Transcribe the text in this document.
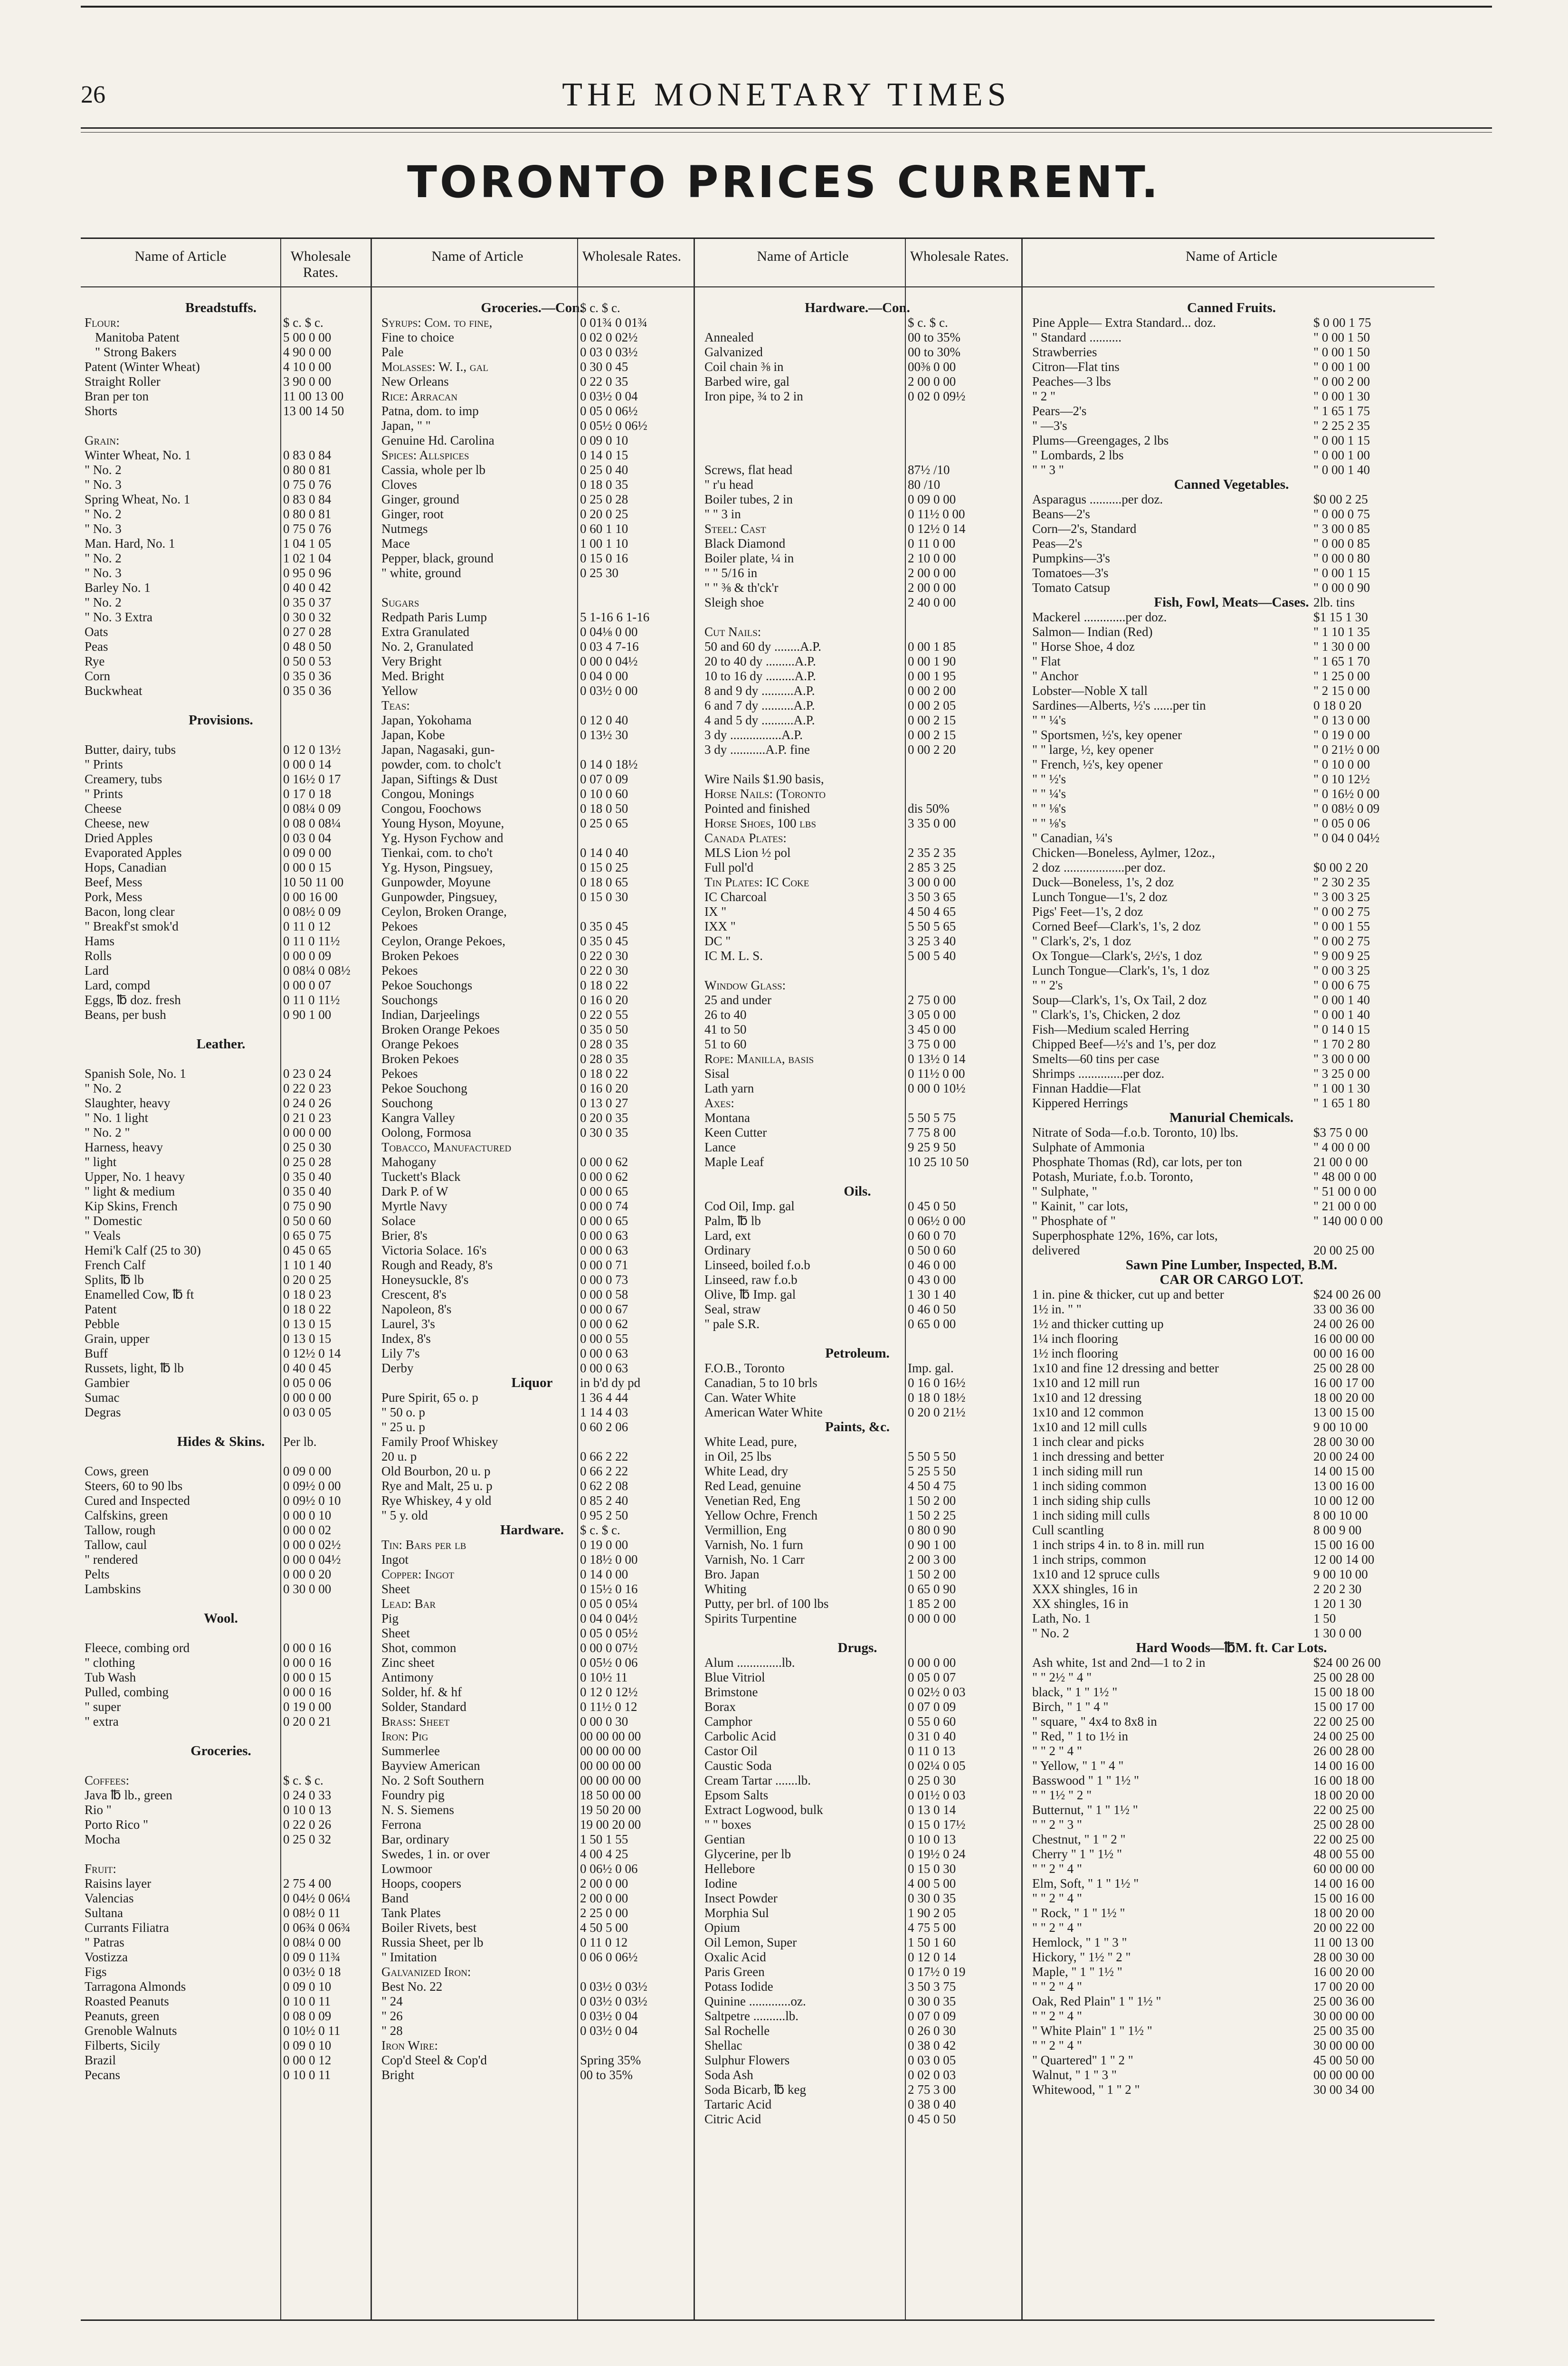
26	THE MONETARY TIMES
TORONTO PRICES CURRENT.
Name of Article	Wholesale Rates.
Breadstuffs.
Flour:	$ c. $ c.
Manitoba Patent	5 00 0 00
" Strong Bakers	4 90 0 00
Patent (Winter Wheat)	4 10 0 00
Straight Roller	3 90 0 00
Bran per ton	11 00 13 00
Shorts	13 00 14 50
Grain:
Winter Wheat, No. 1	0 83 0 84
" No. 2	0 80 0 81
" No. 3	0 75 0 76
Spring Wheat, No. 1	0 83 0 84
" No. 2	0 80 0 81
" No. 3	0 75 0 76
Man. Hard, No. 1	1 04 1 05
" No. 2	1 02 1 04
" No. 3	0 95 0 96
Barley No. 1	0 40 0 42
" No. 2	0 35 0 37
" No. 3 Extra	0 30 0 32
Oats	0 27 0 28
Peas	0 48 0 50
Rye	0 50 0 53
Corn	0 35 0 36
Buckwheat	0 35 0 36
Provisions.
Butter, dairy, tubs	0 12 0 13½
" Prints	0 00 0 14
Creamery, tubs	0 16½ 0 17
" Prints	0 17 0 18
Cheese	0 08¼ 0 09
Cheese, new	0 08 0 08¼
Dried Apples	0 03 0 04
Evaporated Apples	0 09 0 00
Hops, Canadian	0 00 0 15
Beef, Mess	10 50 11 00
Pork, Mess	0 00 16 00
Bacon, long clear	0 08½ 0 09
" Breakf'st smok'd	0 11 0 12
Hams	0 11 0 11½
Rolls	0 00 0 09
Lard	0 08¼ 0 08½
Lard, compd	0 00 0 07
Eggs, ℔ doz. fresh	0 11 0 11½
Beans, per bush	0 90 1 00
Leather.
Spanish Sole, No. 1	0 23 0 24
" No. 2	0 22 0 23
Slaughter, heavy	0 24 0 26
" No. 1 light	0 21 0 23
" No. 2 "	0 00 0 00
Harness, heavy	0 25 0 30
" light	0 25 0 28
Upper, No. 1 heavy	0 35 0 40
" light & medium	0 35 0 40
Kip Skins, French	0 75 0 90
" Domestic	0 50 0 60
" Veals	0 65 0 75
Hemi'k Calf (25 to 30)	0 45 0 65
French Calf	1 10 1 40
Splits, ℔ lb	0 20 0 25
Enamelled Cow, ℔ ft	0 18 0 23
Patent	0 18 0 22
Pebble	0 13 0 15
Grain, upper	0 13 0 15
Buff	0 12½ 0 14
Russets, light, ℔ lb	0 40 0 45
Gambier	0 05 0 06
Sumac	0 00 0 00
Degras	0 03 0 05
Hides & Skins.	Per lb.
Cows, green	0 09 0 00
Steers, 60 to 90 lbs	0 09½ 0 00
Cured and Inspected	0 09½ 0 10
Calfskins, green	0 00 0 10
Tallow, rough	0 00 0 02
Tallow, caul	0 00 0 02½
" rendered	0 00 0 04½
Pelts	0 00 0 20
Lambskins	0 30 0 00
Wool.
Fleece, combing ord	0 00 0 16
" clothing	0 00 0 16
Tub Wash	0 00 0 15
Pulled, combing	0 00 0 16
" super	0 19 0 00
" extra	0 20 0 21
Groceries.
Coffees:	$ c. $ c.
Java ℔ lb., green	0 24 0 33
Rio "	0 10 0 13
Porto Rico "	0 22 0 26
Mocha	0 25 0 32
Fruit:
Raisins layer	2 75 4 00
Valencias	0 04½ 0 06¼
Sultana	0 08½ 0 11
Currants Filiatra	0 06¾ 0 06¾
" Patras	0 08¼ 0 00
Vostizza	0 09 0 11¾
Figs	0 03½ 0 18
Tarragona Almonds	0 09 0 10
Roasted Peanuts	0 10 0 11
Peanuts, green	0 08 0 09
Grenoble Walnuts	0 10½ 0 11
Filberts, Sicily	0 09 0 10
Brazil	0 00 0 12
Pecans	0 10 0 11
Name of Article	Wholesale Rates.
Groceries.—Con.
$ c. $ c.
Syrups: Com. to fine,	0 01¾ 0 01¾
Fine to choice	0 02 0 02½
Pale	0 03 0 03½
Molasses: W. I., gal	0 30 0 45
New Orleans	0 22 0 35
Rice: Arracan	0 03½ 0 04
Patna, dom. to imp	0 05 0 06½
Japan, " "	0 05½ 0 06½
Genuine Hd. Carolina	0 09 0 10
Spices: Allspices	0 14 0 15
Cassia, whole per lb	0 25 0 40
Cloves	0 18 0 35
Ginger, ground	0 25 0 28
Ginger, root	0 20 0 25
Nutmegs	0 60 1 10
Mace	1 00 1 10
Pepper, black, ground	0 15 0 16
" white, ground	0 25 30
Sugars
Redpath Paris Lump	5 1-16 6 1-16
Extra Granulated	0 04⅛ 0 00
No. 2, Granulated	0 03 4 7-16
Very Bright	0 00 0 04½
Med. Bright	0 04 0 00
Yellow	0 03½ 0 00
Teas:
Japan, Yokohama	0 12 0 40
Japan, Kobe	0 13½ 30
Japan, Nagasaki, gun-
powder, com. to cholc't	0 14 0 18½
Japan, Siftings & Dust	0 07 0 09
Congou, Monings	0 10 0 60
Congou, Foochows	0 18 0 50
Young Hyson, Moyune,	0 25 0 65
Yg. Hyson Fychow and
Tienkai, com. to cho't	0 14 0 40
Yg. Hyson, Pingsuey,	0 15 0 25
Gunpowder, Moyune	0 18 0 65
Gunpowder, Pingsuey,	0 15 0 30
Ceylon, Broken Orange,
Pekoes	0 35 0 45
Ceylon, Orange Pekoes,	0 35 0 45
Broken Pekoes	0 22 0 30
Pekoes	0 22 0 30
Pekoe Souchongs	0 18 0 22
Souchongs	0 16 0 20
Indian, Darjeelings	0 22 0 55
Broken Orange Pekoes	0 35 0 50
Orange Pekoes	0 28 0 35
Broken Pekoes	0 28 0 35
Pekoes	0 18 0 22
Pekoe Souchong	0 16 0 20
Souchong	0 13 0 27
Kangra Valley	0 20 0 35
Oolong, Formosa	0 30 0 35
Tobacco, Manufactured
Mahogany	0 00 0 62
Tuckett's Black	0 00 0 62
Dark P. of W	0 00 0 65
Myrtle Navy	0 00 0 74
Solace	0 00 0 65
Brier, 8's	0 00 0 63
Victoria Solace. 16's	0 00 0 63
Rough and Ready, 8's	0 00 0 71
Honeysuckle, 8's	0 00 0 73
Crescent, 8's	0 00 0 58
Napoleon, 8's	0 00 0 67
Laurel, 3's	0 00 0 62
Index, 8's	0 00 0 55
Lily 7's	0 00 0 63
Derby	0 00 0 63
Liquor	in b'd dy pd
Pure Spirit, 65 o. p	1 36 4 44
" 50 o. p	1 14 4 03
" 25 u. p	0 60 2 06
Family Proof Whiskey
20 u. p	0 66 2 22
Old Bourbon, 20 u. p	0 66 2 22
Rye and Malt, 25 u. p	0 62 2 08
Rye Whiskey, 4 y old	0 85 2 40
" 5 y. old	0 95 2 50
Hardware.	$ c. $ c.
Tin: Bars per lb	0 19 0 00
Ingot	0 18½ 0 00
Copper: Ingot	0 14 0 00
Sheet	0 15½ 0 16
Lead: Bar	0 05 0 05¼
Pig	0 04 0 04½
Sheet	0 05 0 05½
Shot, common	0 00 0 07½
Zinc sheet	0 05½ 0 06
Antimony	0 10½ 11
Solder, hf. & hf	0 12 0 12½
Solder, Standard	0 11½ 0 12
Brass: Sheet	0 00 0 30
Iron: Pig	00 00 00 00
Summerlee	00 00 00 00
Bayview American	00 00 00 00
No. 2 Soft Southern	00 00 00 00
Foundry pig	18 50 00 00
N. S. Siemens	19 50 20 00
Ferrona	19 00 20 00
Bar, ordinary	1 50 1 55
Swedes, 1 in. or over	4 00 4 25
Lowmoor	0 06½ 0 06
Hoops, coopers	2 00 0 00
Band	2 00 0 00
Tank Plates	2 25 0 00
Boiler Rivets, best	4 50 5 00
Russia Sheet, per lb	0 11 0 12
" Imitation	0 06 0 06½
Galvanized Iron:
Best No. 22	0 03½ 0 03½
" 24	0 03½ 0 03½
" 26	0 03½ 0 04
" 28	0 03½ 0 04
Iron Wire:
Cop'd Steel & Cop'd	Spring 35%
Bright	00 to 35%
Name of Article	Wholesale Rates.
Hardware.—Con.
$ c. $ c.
Annealed	00 to 35%
Galvanized	00 to 30%
Coil chain ⅜ in	00⅜ 0 00
Barbed wire, gal	2 00 0 00
Iron pipe, ¾ to 2 in	0 02 0 09½
Screws, flat head	87½ /10
" r'u head	80 /10
Boiler tubes, 2 in	0 09 0 00
" " 3 in	0 11½ 0 00
Steel: Cast	0 12½ 0 14
Black Diamond	0 11 0 00
Boiler plate, ¼ in	2 10 0 00
" " 5/16 in	2 00 0 00
" " ⅜ & th'ck'r	2 00 0 00
Sleigh shoe	2 40 0 00
Cut Nails:
50 and 60 dy ........A.P.	0 00 1 85
20 to 40 dy .........A.P.	0 00 1 90
10 to 16 dy .........A.P.	0 00 1 95
8 and 9 dy ..........A.P.	0 00 2 00
6 and 7 dy ..........A.P.	0 00 2 05
4 and 5 dy ..........A.P.	0 00 2 15
3 dy ................A.P.	0 00 2 15
3 dy ...........A.P. fine	0 00 2 20
Wire Nails $1.90 basis,
Horse Nails: (Toronto
Pointed and finished	dis 50%
Horse Shoes, 100 lbs	3 35 0 00
Canada Plates:
MLS Lion ½ pol	2 35 2 35
Full pol'd	2 85 3 25
Tin Plates: IC Coke	3 00 0 00
IC Charcoal	3 50 3 65
IX "	4 50 4 65
IXX "	5 50 5 65
DC "	3 25 3 40
IC M. L. S.	5 00 5 40
Window Glass:
25 and under	2 75 0 00
26 to 40	3 05 0 00
41 to 50	3 45 0 00
51 to 60	3 75 0 00
Rope: Manilla, basis	0 13½ 0 14
Sisal	0 11½ 0 00
Lath yarn	0 00 0 10½
Axes:
Montana	5 50 5 75
Keen Cutter	7 75 8 00
Lance	9 25 9 50
Maple Leaf	10 25 10 50
Oils.
Cod Oil, Imp. gal	0 45 0 50
Palm, ℔ lb	0 06½ 0 00
Lard, ext	0 60 0 70
Ordinary	0 50 0 60
Linseed, boiled f.o.b	0 46 0 00
Linseed, raw f.o.b	0 43 0 00
Olive, ℔ Imp. gal	1 30 1 40
Seal, straw	0 46 0 50
" pale S.R.	0 65 0 00
Petroleum.
F.O.B., Toronto	Imp. gal.
Canadian, 5 to 10 brls	0 16 0 16½
Can. Water White	0 18 0 18½
American Water White	0 20 0 21½
Paints, &c.
White Lead, pure,
in Oil, 25 lbs	5 50 5 50
White Lead, dry	5 25 5 50
Red Lead, genuine	4 50 4 75
Venetian Red, Eng	1 50 2 00
Yellow Ochre, French	1 50 2 25
Vermillion, Eng	0 80 0 90
Varnish, No. 1 furn	0 90 1 00
Varnish, No. 1 Carr	2 00 3 00
Bro. Japan	1 50 2 00
Whiting	0 65 0 90
Putty, per brl. of 100 lbs	1 85 2 00
Spirits Turpentine	0 00 0 00
Drugs.
Alum ..............lb.	0 00 0 00
Blue Vitriol	0 05 0 07
Brimstone	0 02½ 0 03
Borax	0 07 0 09
Camphor	0 55 0 60
Carbolic Acid	0 31 0 40
Castor Oil	0 11 0 13
Caustic Soda	0 02¼ 0 05
Cream Tartar .......lb.	0 25 0 30
Epsom Salts	0 01½ 0 03
Extract Logwood, bulk	0 13 0 14
" " boxes	0 15 0 17½
Gentian	0 10 0 13
Glycerine, per lb	0 19½ 0 24
Hellebore	0 15 0 30
Iodine	4 00 5 00
Insect Powder	0 30 0 35
Morphia Sul	1 90 2 05
Opium	4 75 5 00
Oil Lemon, Super	1 50 1 60
Oxalic Acid	0 12 0 14
Paris Green	0 17½ 0 19
Potass Iodide	3 50 3 75
Quinine .............oz.	0 30 0 35
Saltpetre ..........lb.	0 07 0 09
Sal Rochelle	0 26 0 30
Shellac	0 38 0 42
Sulphur Flowers	0 03 0 05
Soda Ash	0 02 0 03
Soda Bicarb, ℔ keg	2 75 3 00
Tartaric Acid	0 38 0 40
Citric Acid	0 45 0 50
Name of Article
Canned Fruits.
Pine Apple— Extra Standard... doz.	$ 0 00 1 75
" Standard ..........	" 0 00 1 50
Strawberries	" 0 00 1 50
Citron—Flat tins	" 0 00 1 00
Peaches—3 lbs	" 0 00 2 00
" 2 "	" 0 00 1 30
Pears—2's	" 1 65 1 75
" —3's	" 2 25 2 35
Plums—Greengages, 2 lbs	" 0 00 1 15
" Lombards, 2 lbs	" 0 00 1 00
" " 3 "	" 0 00 1 40
Canned Vegetables.
Asparagus ..........per doz.	$0 00 2 25
Beans—2's	" 0 00 0 75
Corn—2's, Standard	" 3 00 0 85
Peas—2's	" 0 00 0 85
Pumpkins—3's	" 0 00 0 80
Tomatoes—3's	" 0 00 1 15
Tomato Catsup	" 0 00 0 90
Fish, Fowl, Meats—Cases. 2lb. tins
Mackerel .............per doz.	$1 15 1 30
Salmon— Indian (Red)	" 1 10 1 35
" Horse Shoe, 4 doz	" 1 30 0 00
" Flat	" 1 65 1 70
" Anchor	" 1 25 0 00
Lobster—Noble X tall	" 2 15 0 00
Sardines—Alberts, ½'s ......per tin	0 18 0 20
" " ¼'s	" 0 13 0 00
" Sportsmen, ½'s, key opener	" 0 19 0 00
" " large, ½, key opener	" 0 21½ 0 00
" French, ½'s, key opener	" 0 10 0 00
" " ½'s	" 0 10 12½
" " ¼'s	" 0 16½ 0 00
" " ⅛'s	" 0 08½ 0 09
" " ⅛'s	" 0 05 0 06
" Canadian, ¼'s	" 0 04 0 04½
Chicken—Boneless, Aylmer, 12oz.,
2 doz ...................per doz.	$0 00 2 20
Duck—Boneless, 1's, 2 doz	" 2 30 2 35
Lunch Tongue—1's, 2 doz	" 3 00 3 25
Pigs' Feet—1's, 2 doz	" 0 00 2 75
Corned Beef—Clark's, 1's, 2 doz	" 0 00 1 55
" Clark's, 2's, 1 doz	" 0 00 2 75
Ox Tongue—Clark's, 2½'s, 1 doz	" 9 00 9 25
Lunch Tongue—Clark's, 1's, 1 doz	" 0 00 3 25
" " 2's	" 0 00 6 75
Soup—Clark's, 1's, Ox Tail, 2 doz	" 0 00 1 40
" Clark's, 1's, Chicken, 2 doz	" 0 00 1 40
Fish—Medium scaled Herring	" 0 14 0 15
Chipped Beef—½'s and 1's, per doz	" 1 70 2 80
Smelts—60 tins per case	" 3 00 0 00
Shrimps ..............per doz.	" 3 25 0 00
Finnan Haddie—Flat	" 1 00 1 30
Kippered Herrings	" 1 65 1 80
Manurial Chemicals.
Nitrate of Soda—f.o.b. Toronto, 10) lbs.	$3 75 0 00
Sulphate of Ammonia	" 4 00 0 00
Phosphate Thomas (Rd), car lots, per ton	21 00 0 00
Potash, Muriate, f.o.b. Toronto,	" 48 00 0 00
" Sulphate, "	" 51 00 0 00
" Kainit, " car lots,	" 21 00 0 00
" Phosphate of "	" 140 00 0 00
Superphosphate 12%, 16%, car lots,
delivered	20 00 25 00
Sawn Pine Lumber, Inspected, B.M.
CAR OR CARGO LOT.
1 in. pine & thicker, cut up and better	$24 00 26 00
1½ in. " "	33 00 36 00
1½ and thicker cutting up	24 00 26 00
1¼ inch flooring	16 00 00 00
1½ inch flooring	00 00 16 00
1x10 and fine 12 dressing and better	25 00 28 00
1x10 and 12 mill run	16 00 17 00
1x10 and 12 dressing	18 00 20 00
1x10 and 12 common	13 00 15 00
1x10 and 12 mill culls	9 00 10 00
1 inch clear and picks	28 00 30 00
1 inch dressing and better	20 00 24 00
1 inch siding mill run	14 00 15 00
1 inch siding common	13 00 16 00
1 inch siding ship culls	10 00 12 00
1 inch siding mill culls	8 00 10 00
Cull scantling	8 00 9 00
1 inch strips 4 in. to 8 in. mill run	15 00 16 00
1 inch strips, common	12 00 14 00
1x10 and 12 spruce culls	9 00 10 00
XXX shingles, 16 in	2 20 2 30
XX shingles, 16 in	1 20 1 30
Lath, No. 1	1 50
" No. 2	1 30 0 00
Hard Woods—℔M. ft. Car Lots.
Ash white, 1st and 2nd—1 to 2 in	$24 00 26 00
" " 2½ " 4 "	25 00 28 00
black, " 1 " 1½ "	15 00 18 00
Birch, " 1 " 4 "	15 00 17 00
" square, " 4x4 to 8x8 in	22 00 25 00
" Red, " 1 to 1½ in	24 00 25 00
" " 2 " 4 "	26 00 28 00
" Yellow, " 1 " 4 "	14 00 16 00
Basswood " 1 " 1½ "	16 00 18 00
" " 1½ " 2 "	18 00 20 00
Butternut, " 1 " 1½ "	22 00 25 00
" " 2 " 3 "	25 00 28 00
Chestnut, " 1 " 2 "	22 00 25 00
Cherry " 1 " 1½ "	48 00 55 00
" " 2 " 4 "	60 00 00 00
Elm, Soft, " 1 " 1½ "	14 00 16 00
" " 2 " 4 "	15 00 16 00
" Rock, " 1 " 1½ "	18 00 20 00
" " 2 " 4 "	20 00 22 00
Hemlock, " 1 " 3 "	11 00 13 00
Hickory, " 1½ " 2 "	28 00 30 00
Maple, " 1 " 1½ "	16 00 20 00
" " 2 " 4 "	17 00 20 00
Oak, Red Plain" 1 " 1½ "	25 00 36 00
" " 2 " 4 "	30 00 00 00
" White Plain" 1 " 1½ "	25 00 35 00
" " 2 " 4 "	30 00 00 00
" Quartered" 1 " 2 "	45 00 50 00
Walnut, " 1 " 3 "	00 00 00 00
Whitewood, " 1 " 2 "	30 00 34 00
